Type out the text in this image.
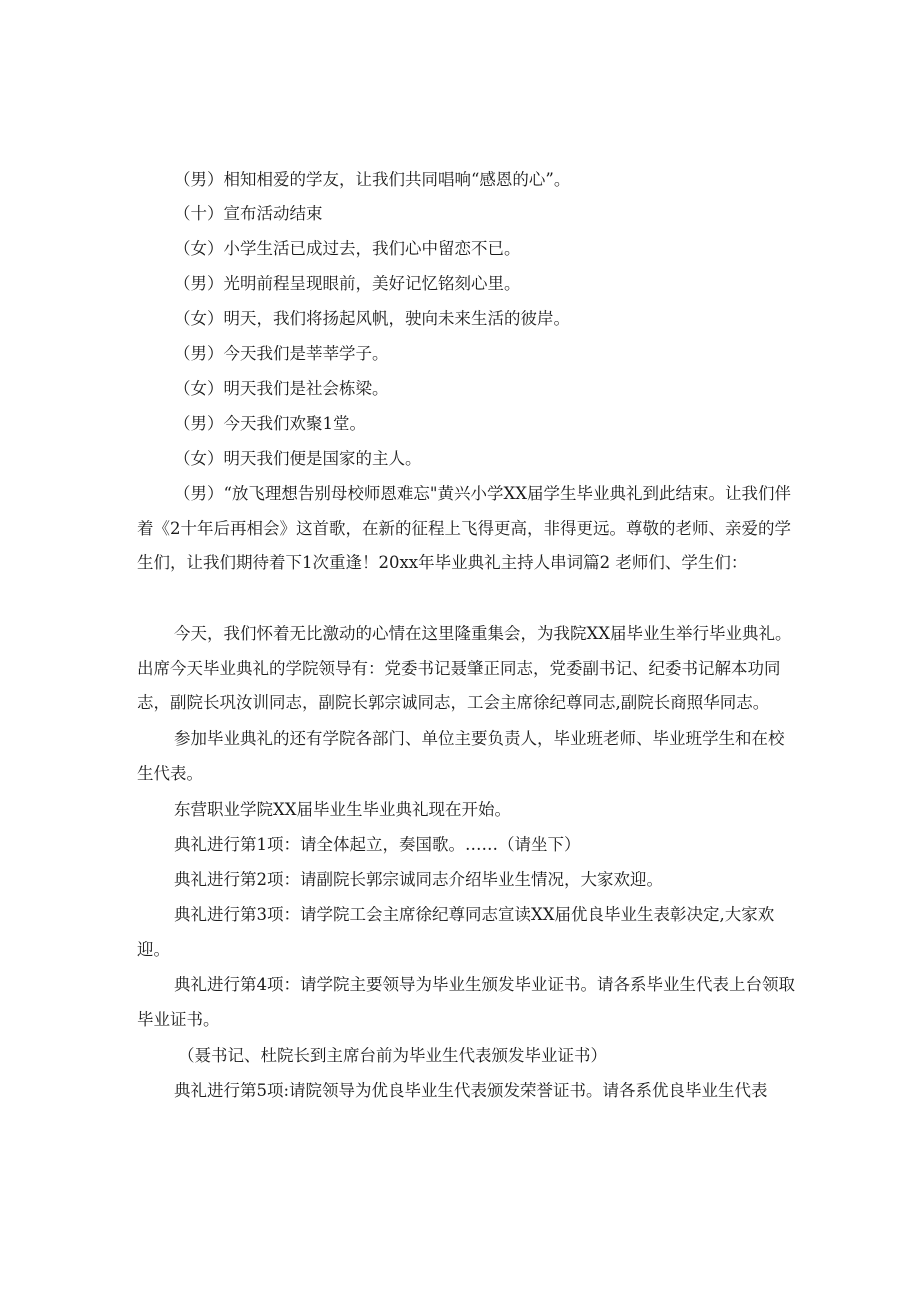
（男）相知相爱的学友，让我们共同唱响“感恩的心”。

（十）宣布活动结束

（女）小学生活已成过去，我们心中留恋不已。

（男）光明前程呈现眼前，美好记忆铭刻心里。

（女）明天，我们将扬起风帆，驶向未来生活的彼岸。

（男）今天我们是莘莘学子。

（女）明天我们是社会栋梁。

（男）今天我们欢聚1堂。

（女）明天我们便是国家的主人。

（男）“放飞理想告别母校师恩难忘"黄兴小学XX届学生毕业典礼到此结束。让我们伴着《2十年后再相会》这首歌，在新的征程上飞得更高，非得更远。尊敬的老师、亲爱的学生们，让我们期待着下1次重逢！20xx年毕业典礼主持人串词篇2 老师们、学生们：

今天，我们怀着无比激动的心情在这里隆重集会，为我院XX届毕业生举行毕业典礼。出席今天毕业典礼的学院领导有：党委书记聂肇正同志，党委副书记、纪委书记解本功同志，副院长巩汝训同志，副院长郭宗诚同志，工会主席徐纪尊同志,副院长商照华同志。

参加毕业典礼的还有学院各部门、单位主要负责人，毕业班老师、毕业班学生和在校生代表。

东营职业学院XX届毕业生毕业典礼现在开始。

典礼进行第1项：请全体起立，奏国歌。……（请坐下）

典礼进行第2项：请副院长郭宗诚同志介绍毕业生情况，大家欢迎。

典礼进行第3项：请学院工会主席徐纪尊同志宣读XX届优良毕业生表彰决定,大家欢迎。

典礼进行第4项：请学院主要领导为毕业生颁发毕业证书。请各系毕业生代表上台领取毕业证书。

（聂书记、杜院长到主席台前为毕业生代表颁发毕业证书）

典礼进行第5项:请院领导为优良毕业生代表颁发荣誉证书。请各系优良毕业生代表
